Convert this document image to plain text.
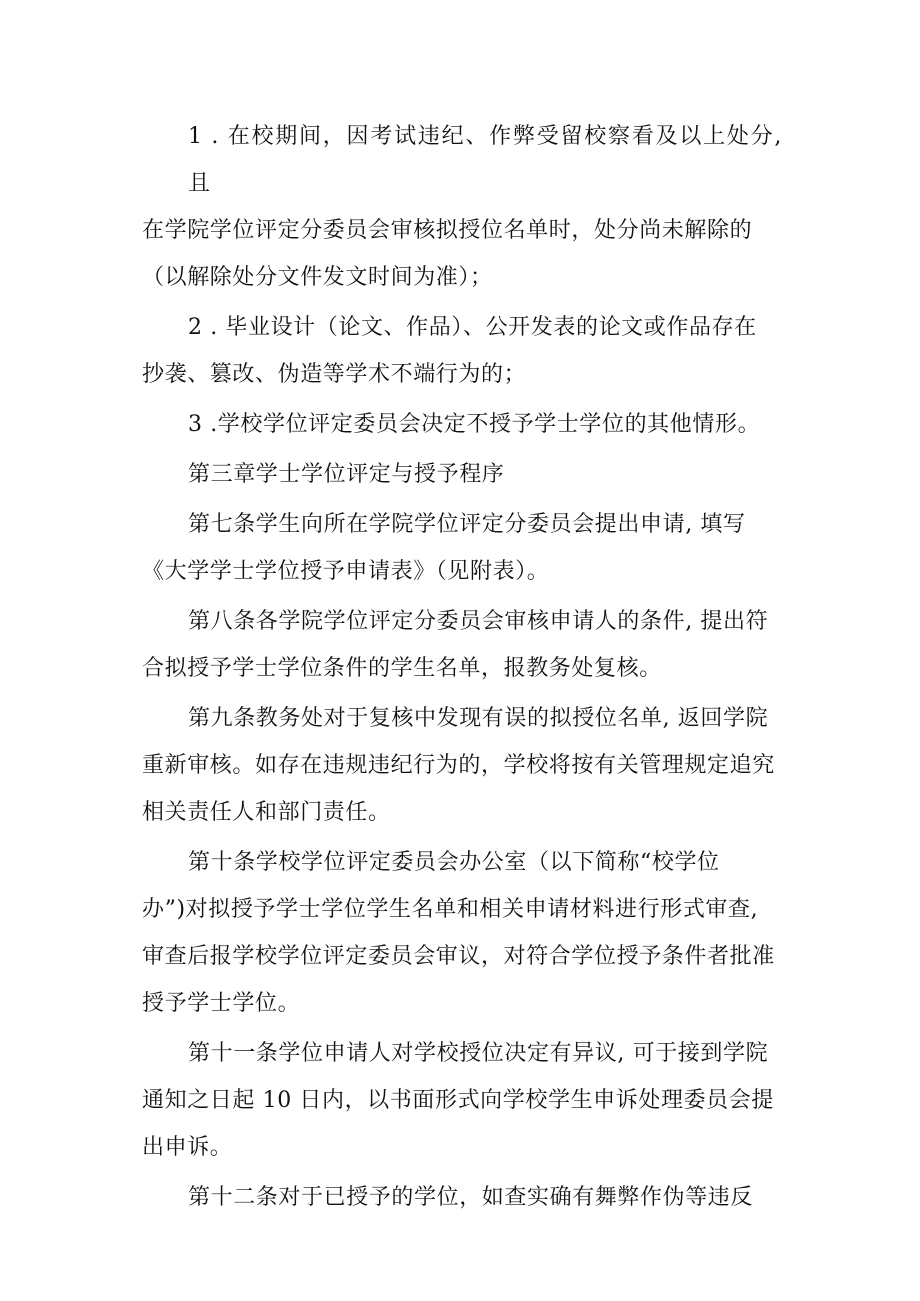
1 . 在校期间，因考试违纪、作弊受留校察看及以上处分, 且
在学院学位评定分委员会审核拟授位名单时，处分尚未解除的
（以解除处分文件发文时间为准）；
2 . 毕业设计（论文、作品）、公开发表的论文或作品存在
抄袭、篡改、伪造等学术不端行为的；
3 .学校学位评定委员会决定不授予学士学位的其他情形。
第三章学士学位评定与授予程序
第七条学生向所在学院学位评定分委员会提出申请, 填写
《大学学士学位授予申请表》（见附表）。
第八条各学院学位评定分委员会审核申请人的条件, 提出符
合拟授予学士学位条件的学生名单，报教务处复核。
第九条教务处对于复核中发现有误的拟授位名单, 返回学院
重新审核。如存在违规违纪行为的，学校将按有关管理规定追究
相关责任人和部门责任。
第十条学校学位评定委员会办公室（以下简称“校学位
办”)对拟授予学士学位学生名单和相关申请材料进行形式审查,
审查后报学校学位评定委员会审议，对符合学位授予条件者批准
授予学士学位。
第十一条学位申请人对学校授位决定有异议, 可于接到学院
通知之日起 10 日内，以书面形式向学校学生申诉处理委员会提
出申诉。
第十二条对于已授予的学位，如查实确有舞弊作伪等违反
